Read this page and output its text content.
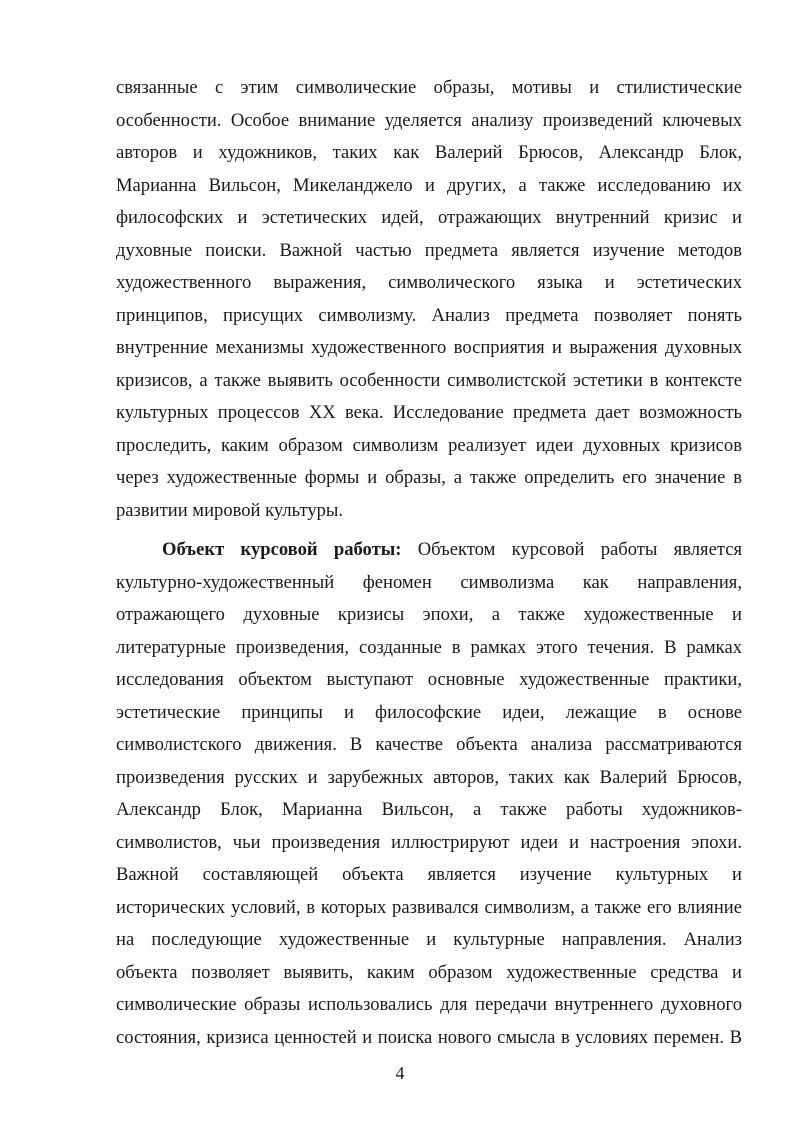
связанные с этим символические образы, мотивы и стилистические
особенности. Особое внимание уделяется анализу произведений ключевых
авторов и художников, таких как Валерий Брюсов, Александр Блок,
Марианна Вильсон, Микеланджело и других, а также исследованию их
философских и эстетических идей, отражающих внутренний кризис и
духовные поиски. Важной частью предмета является изучение методов
художественного выражения, символического языка и эстетических
принципов, присущих символизму. Анализ предмета позволяет понять
внутренние механизмы художественного восприятия и выражения духовных
кризисов, а также выявить особенности символистской эстетики в контексте
культурных процессов XX века. Исследование предмета дает возможность
проследить, каким образом символизм реализует идеи духовных кризисов
через художественные формы и образы, а также определить его значение в
развитии мировой культуры.
Объект курсовой работы: Объектом курсовой работы является
культурно-художественный феномен символизма как направления,
отражающего духовные кризисы эпохи, а также художественные и
литературные произведения, созданные в рамках этого течения. В рамках
исследования объектом выступают основные художественные практики,
эстетические принципы и философские идеи, лежащие в основе
символистского движения. В качестве объекта анализа рассматриваются
произведения русских и зарубежных авторов, таких как Валерий Брюсов,
Александр Блок, Марианна Вильсон, а также работы художников-
символистов, чьи произведения иллюстрируют идеи и настроения эпохи.
Важной составляющей объекта является изучение культурных и
исторических условий, в которых развивался символизм, а также его влияние
на последующие художественные и культурные направления. Анализ
объекта позволяет выявить, каким образом художественные средства и
символические образы использовались для передачи внутреннего духовного
состояния, кризиса ценностей и поиска нового смысла в условиях перемен. В
4
